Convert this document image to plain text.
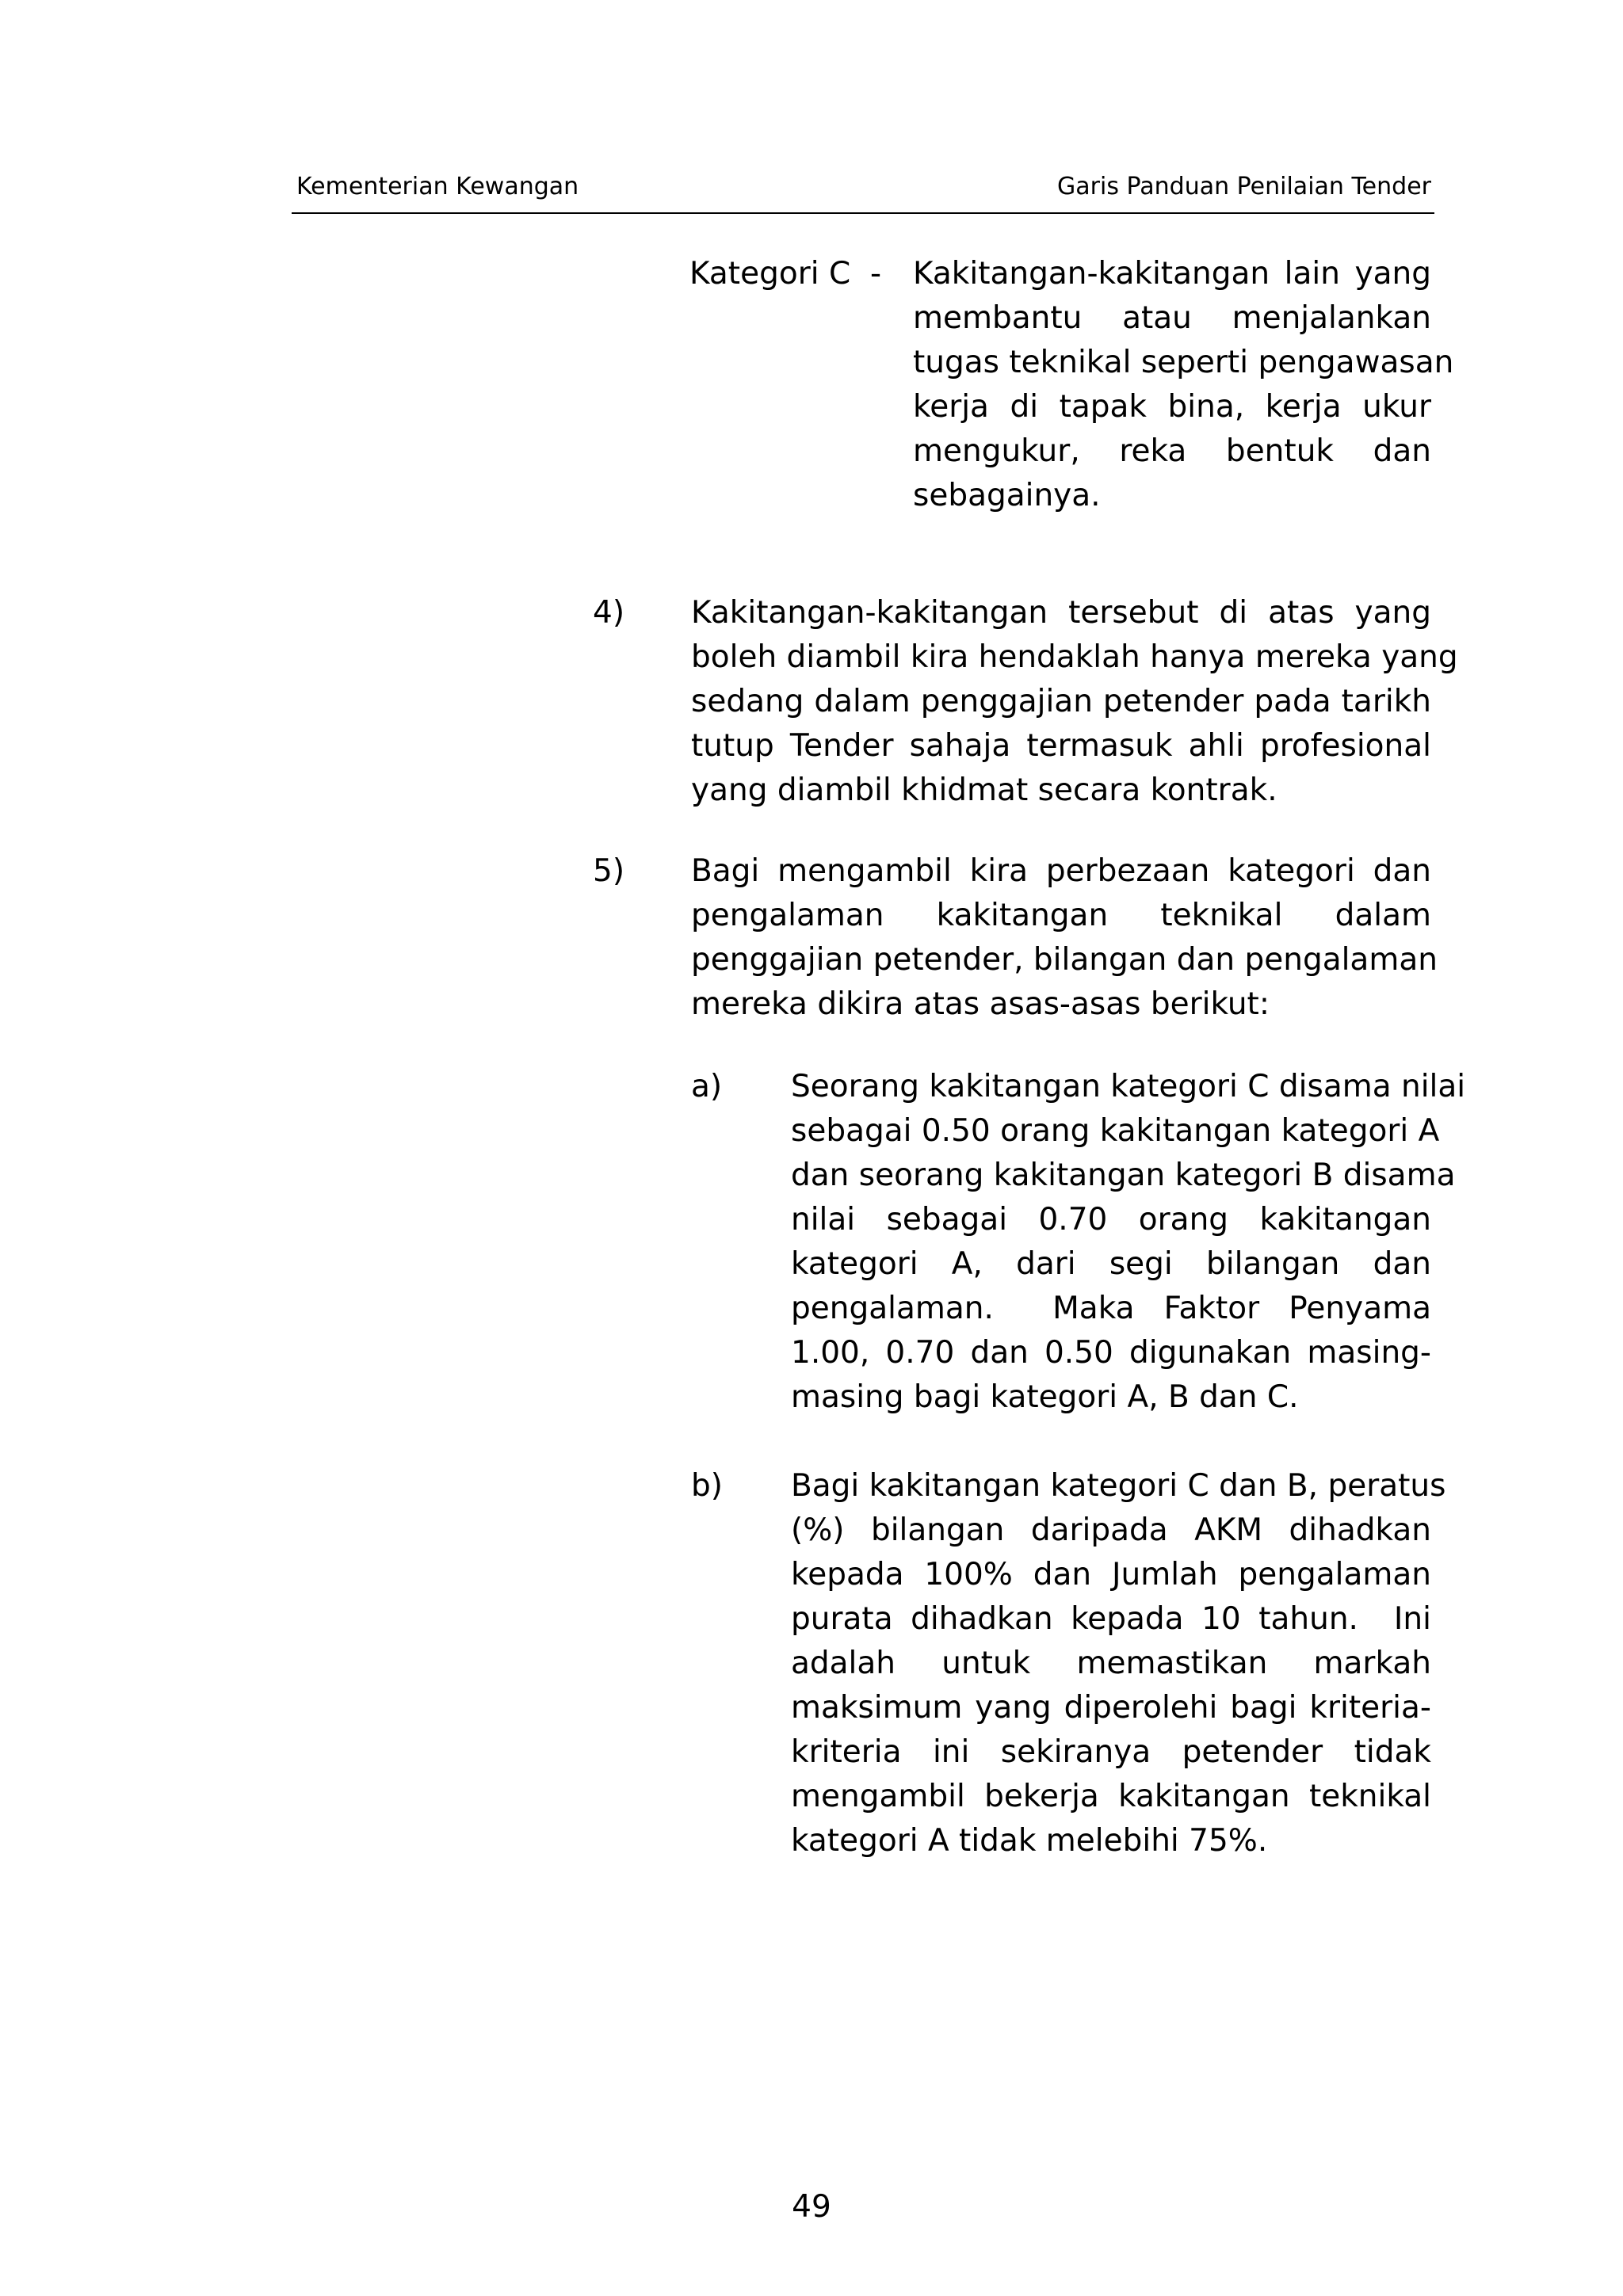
Kementerian Kewangan	Garis Panduan Penilaian Tender
Kategori C  - Kakitangan-kakitangan lain yang
membantu atau menjalankan
tugas teknikal seperti pengawasan
kerja di tapak bina, kerja ukur
mengukur, reka bentuk dan
sebagainya.
4) Kakitangan-kakitangan tersebut di atas yang
boleh diambil kira hendaklah hanya mereka yang
sedang dalam penggajian petender pada tarikh
tutup Tender sahaja termasuk ahli profesional
yang diambil khidmat secara kontrak.
5) Bagi mengambil kira perbezaan kategori dan
pengalaman kakitangan teknikal dalam
penggajian petender, bilangan dan pengalaman
mereka dikira atas asas-asas berikut:
a) Seorang kakitangan kategori C disama nilai
sebagai 0.50 orang kakitangan kategori A
dan seorang kakitangan kategori B disama
nilai sebagai 0.70 orang kakitangan
kategori A, dari segi bilangan dan
pengalaman.  Maka Faktor Penyama
1.00, 0.70 dan 0.50 digunakan masing-
masing bagi kategori A, B dan C.
b) Bagi kakitangan kategori C dan B, peratus
(%) bilangan daripada AKM dihadkan
kepada 100% dan Jumlah pengalaman
purata dihadkan kepada 10 tahun.  Ini
adalah untuk memastikan markah
maksimum yang diperolehi bagi kriteria-
kriteria ini sekiranya petender tidak
mengambil bekerja kakitangan teknikal
kategori A tidak melebihi 75%.
49
